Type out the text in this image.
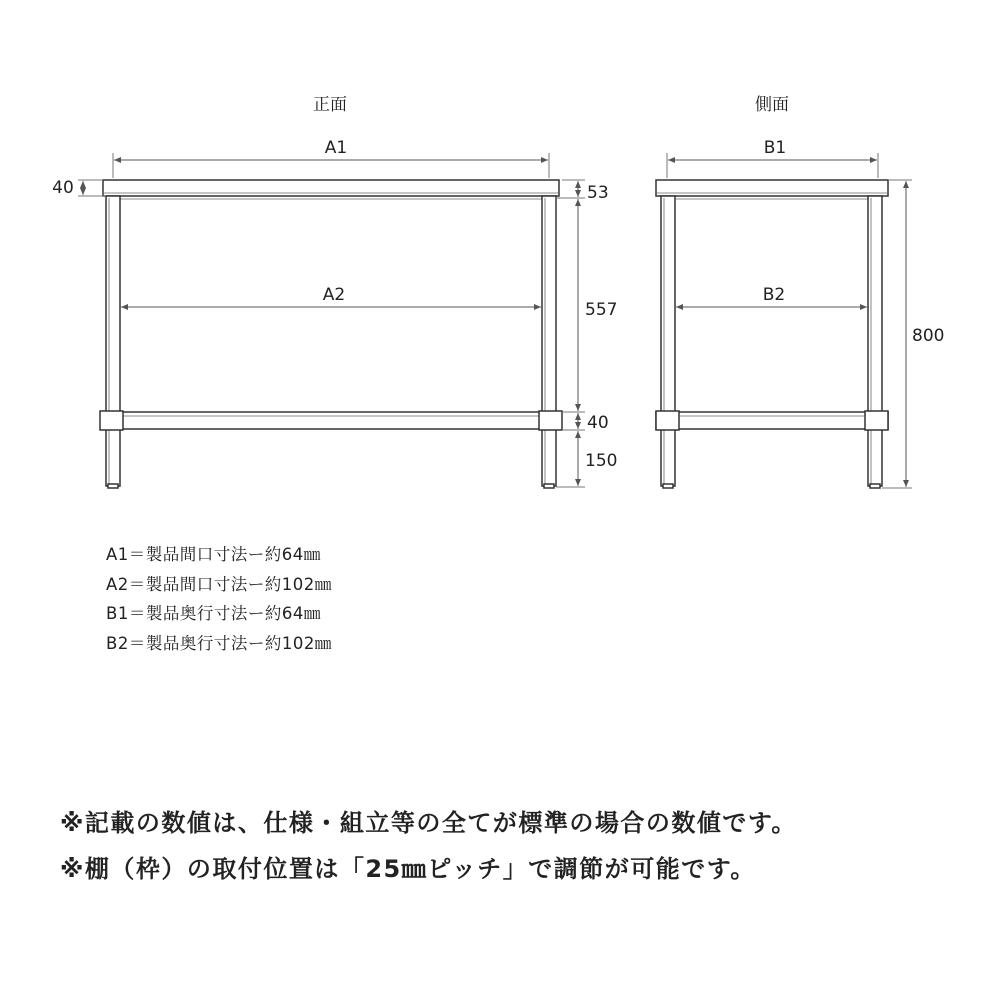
正面
A1
A2
40	53
557
40
150
側面
B1
B2
800
A1＝製品間口寸法ー約64㎜
A2＝製品間口寸法ー約102㎜
B1＝製品奥行寸法ー約64㎜
B2＝製品奥行寸法ー約102㎜
※記載の数値は、仕様・組立等の全てが標準の場合の数値です。
※棚（枠）の取付位置は「25㎜ピッチ」で調節が可能です。
